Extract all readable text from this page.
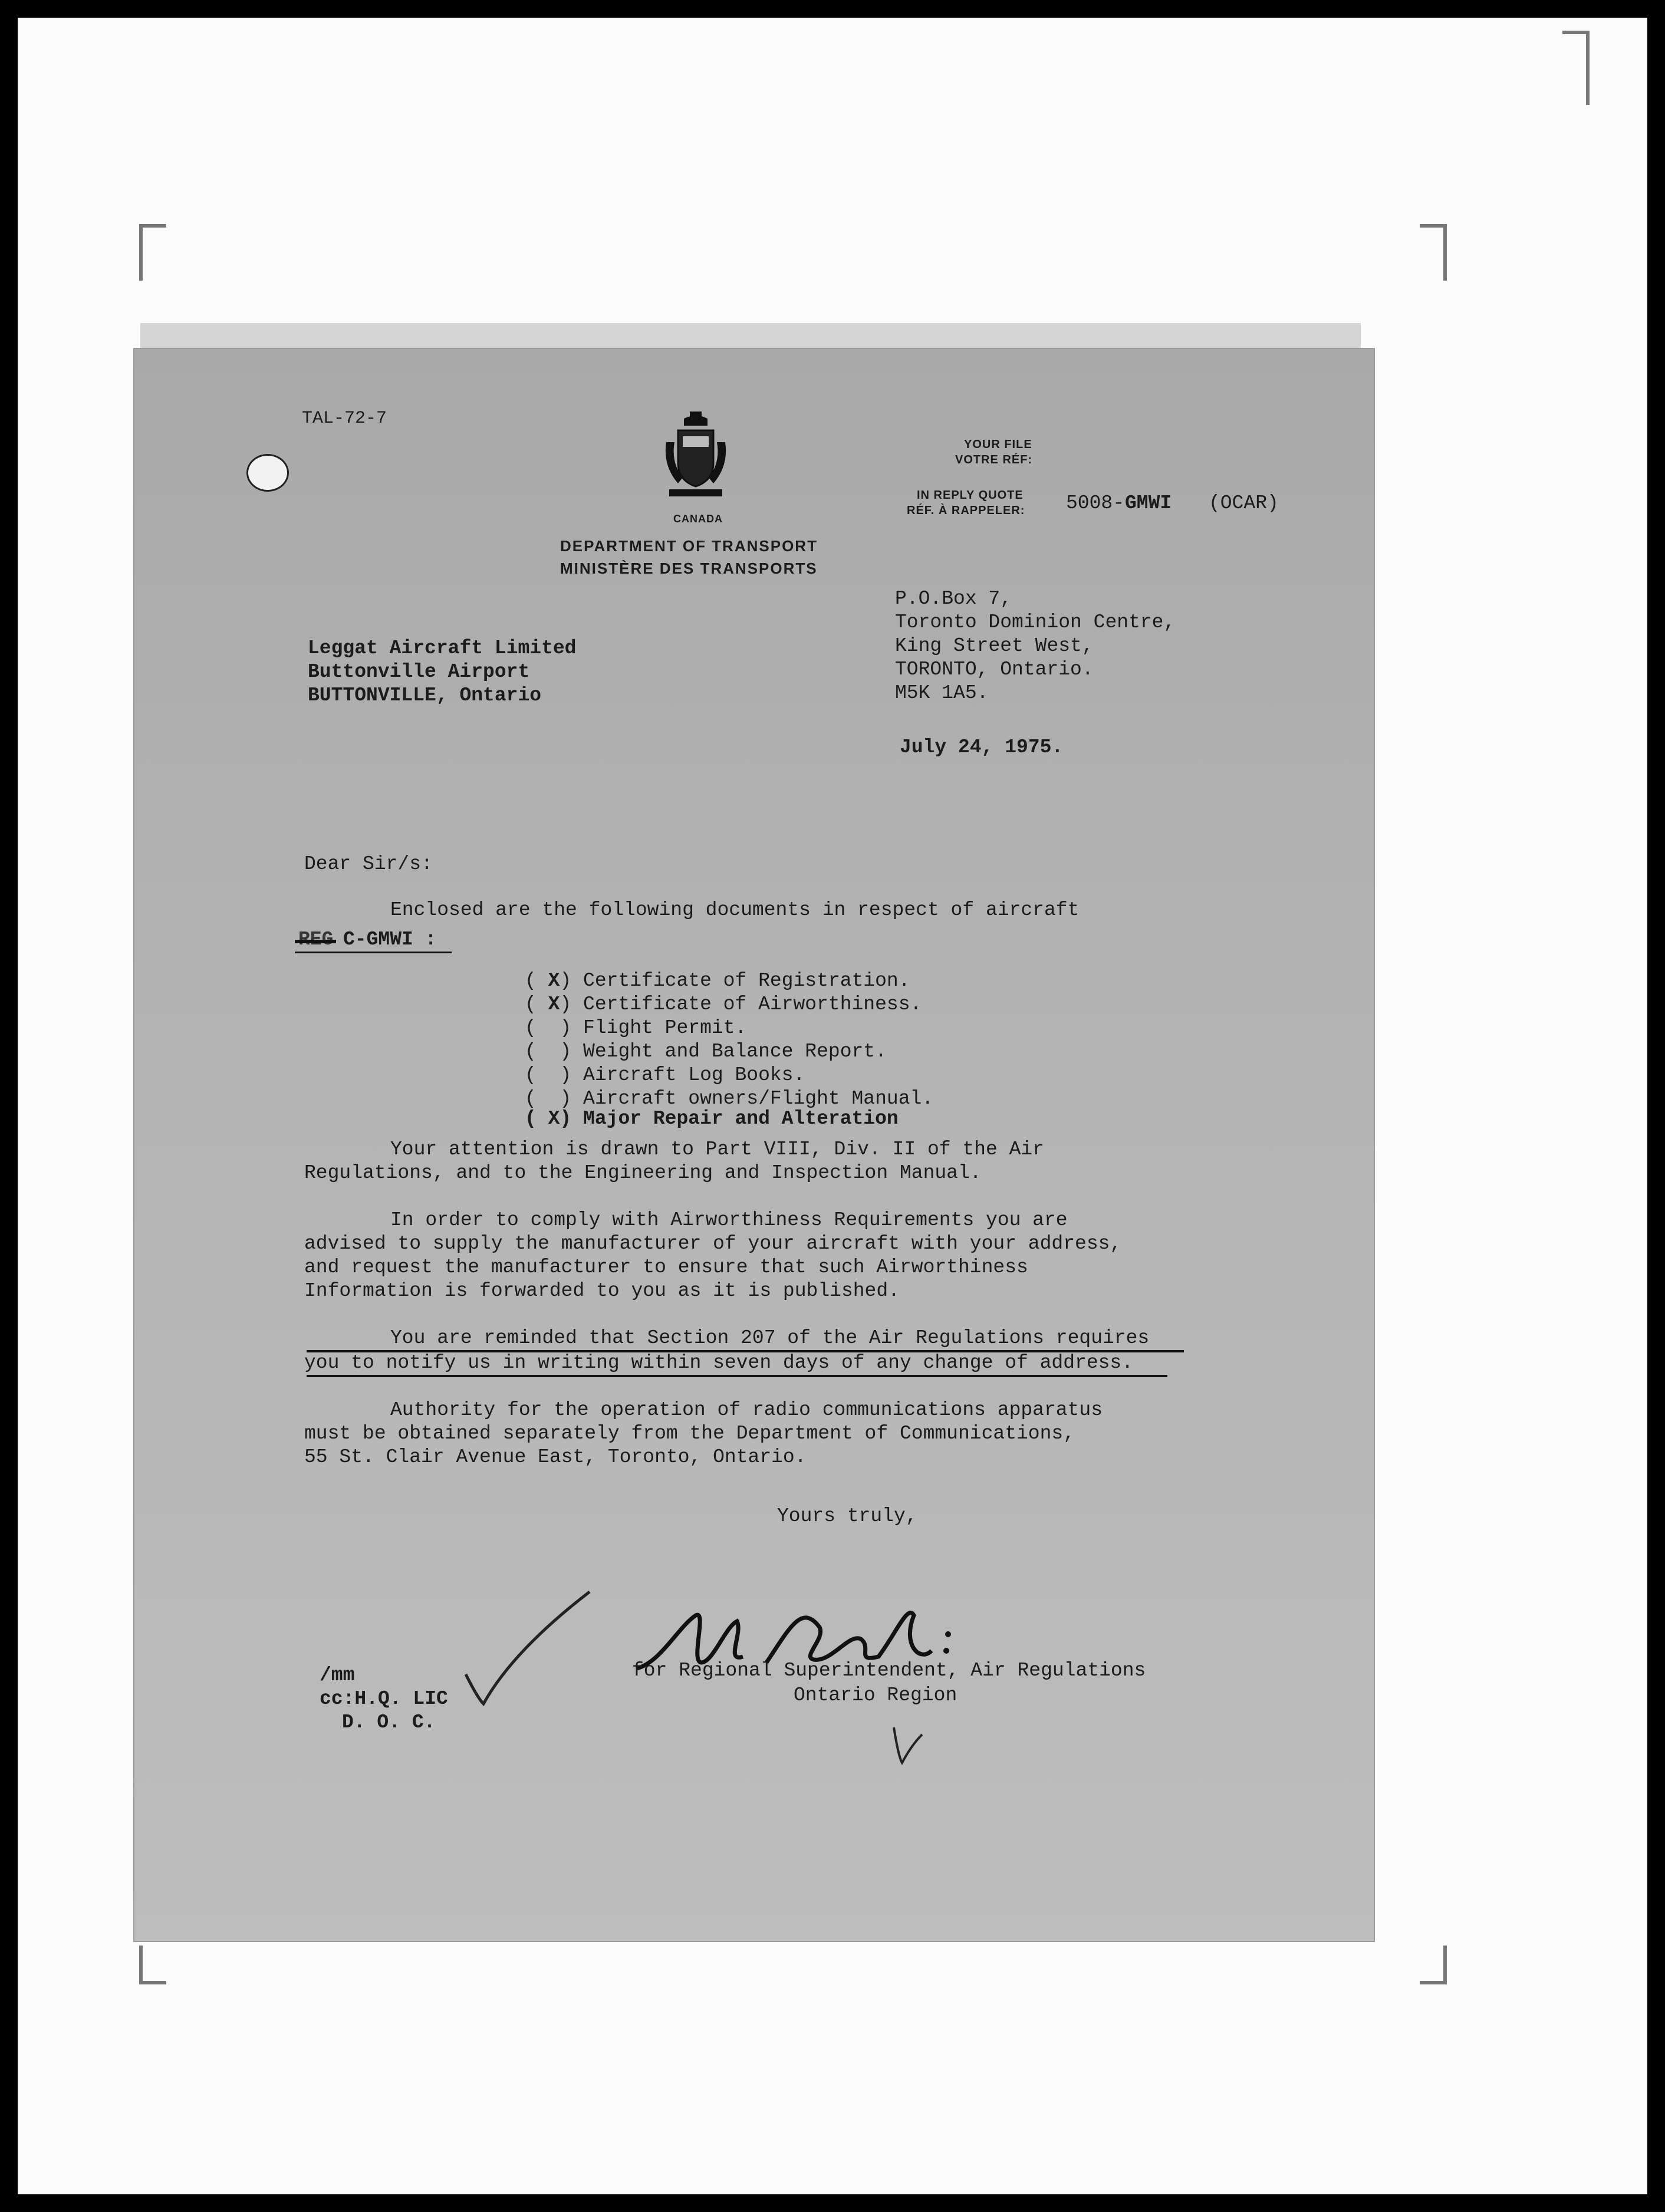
TAL-72-7
CANADA
DEPARTMENT OF TRANSPORT
MINISTÈRE DES TRANSPORTS
YOUR FILE
VOTRE RÉF:
IN REPLY QUOTE
RÉF. À RAPPELER: 5008- GMWI (OCAR)
P.O.Box 7,
Toronto Dominion Centre,
King Street West,
TORONTO, Ontario.
M5K 1A5.
July 24, 1975.
Leggat Aircraft Limited
Buttonville Airport
BUTTONVILLE, Ontario
Dear Sir/s:
Enclosed are the following documents in respect of aircraft
C-GMWI :
( X) Certificate of Registration.
( X) Certificate of Airworthiness.
(  ) Flight Permit.
(  ) Weight and Balance Report.
(  ) Aircraft Log Books.
(  ) Aircraft owners/Flight Manual.
( X) Major Repair and Alteration
Your attention is drawn to Part VIII, Div. II of the Air
Regulations, and to the Engineering and Inspection Manual.
In order to comply with Airworthiness Requirements you are
advised to supply the manufacturer of your aircraft with your address,
and request the manufacturer to ensure that such Airworthiness
Information is forwarded to you as it is published.
You are reminded that Section 207 of the Air Regulations requires
you to notify us in writing within seven days of any change of address.
Authority for the operation of radio communications apparatus
must be obtained separately from the Department of Communications,
55 St. Clair Avenue East, Toronto, Ontario.
Yours truly,
for Regional Superintendent, Air Regulations
Ontario Region
/mm
cc:H.Q. LIC
D. O. C.
